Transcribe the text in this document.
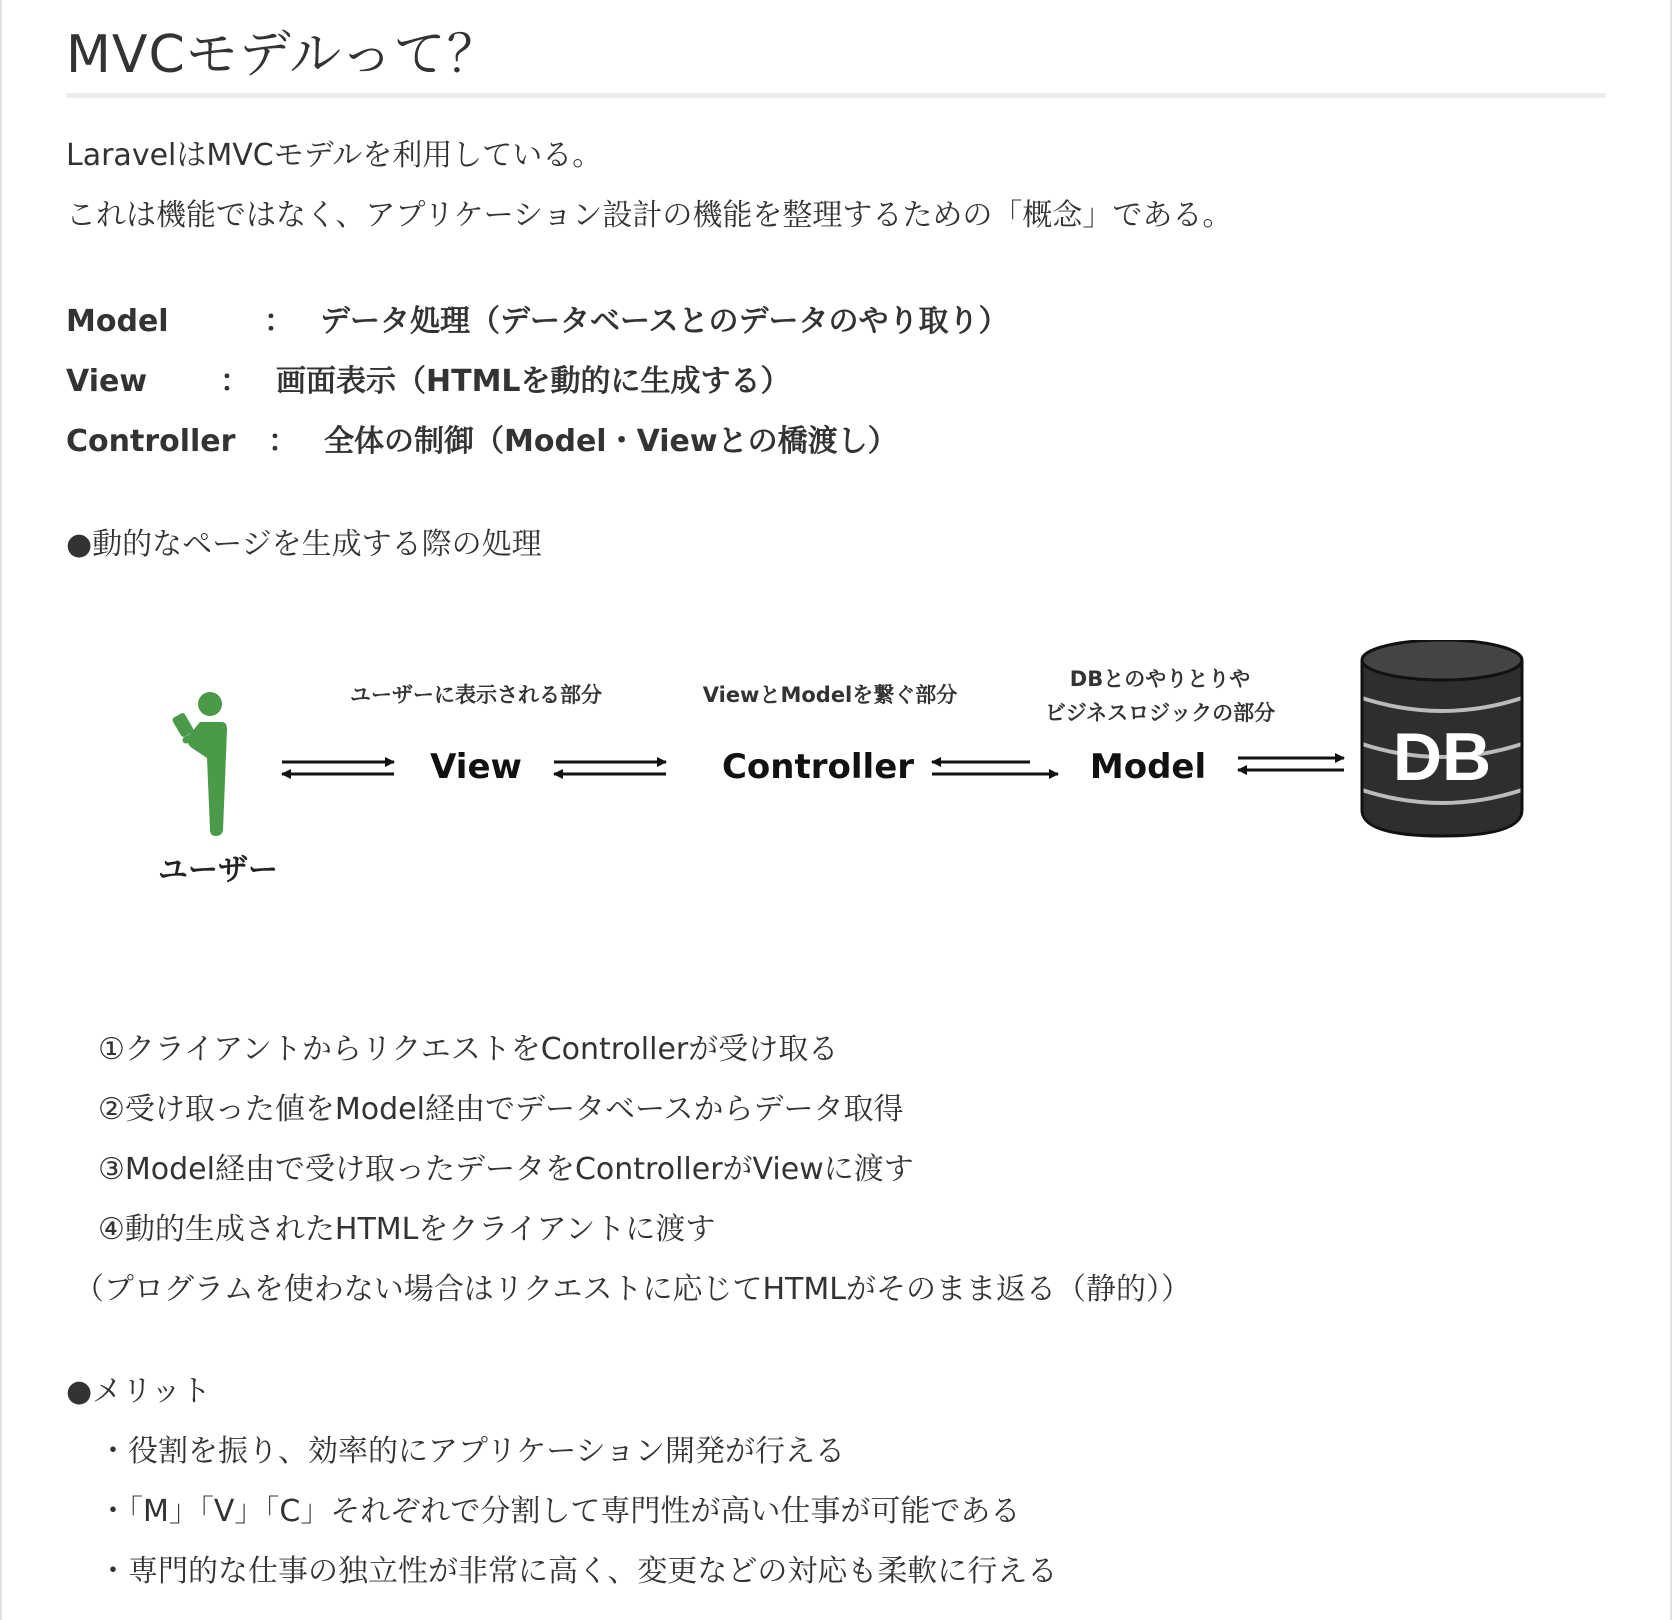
MVCモデルって？
LaravelはMVCモデルを利用している。
これは機能ではなく、アプリケーション設計の機能を整理するための「概念」である。
Model	： データ処理（データベースとのデータのやり取り）
View ： 画面表示（HTMLを動的に生成する）
Controller ： 全体の制御（Model・Viewとの橋渡し）
●動的なページを生成する際の処理
①クライアントからリクエストをControllerが受け取る
②受け取った値をModel経由でデータベースからデータ取得
③Model経由で受け取ったデータをControllerがViewに渡す
④動的生成されたHTMLをクライアントに渡す
（プログラムを使わない場合はリクエストに応じてHTMLがそのまま返る（静的））
●メリット
・役割を振り、効率的にアプリケーション開発が行える
・「M」「V」「C」それぞれで分割して専門性が高い仕事が可能である
・専門的な仕事の独立性が非常に高く、変更などの対応も柔軟に行える
ユーザー
ユーザーに表示される部分	ViewとModelを繋ぐ部分
DBとのやりとりや
ビジネスロジックの部分
View	Controller	Model	DB
